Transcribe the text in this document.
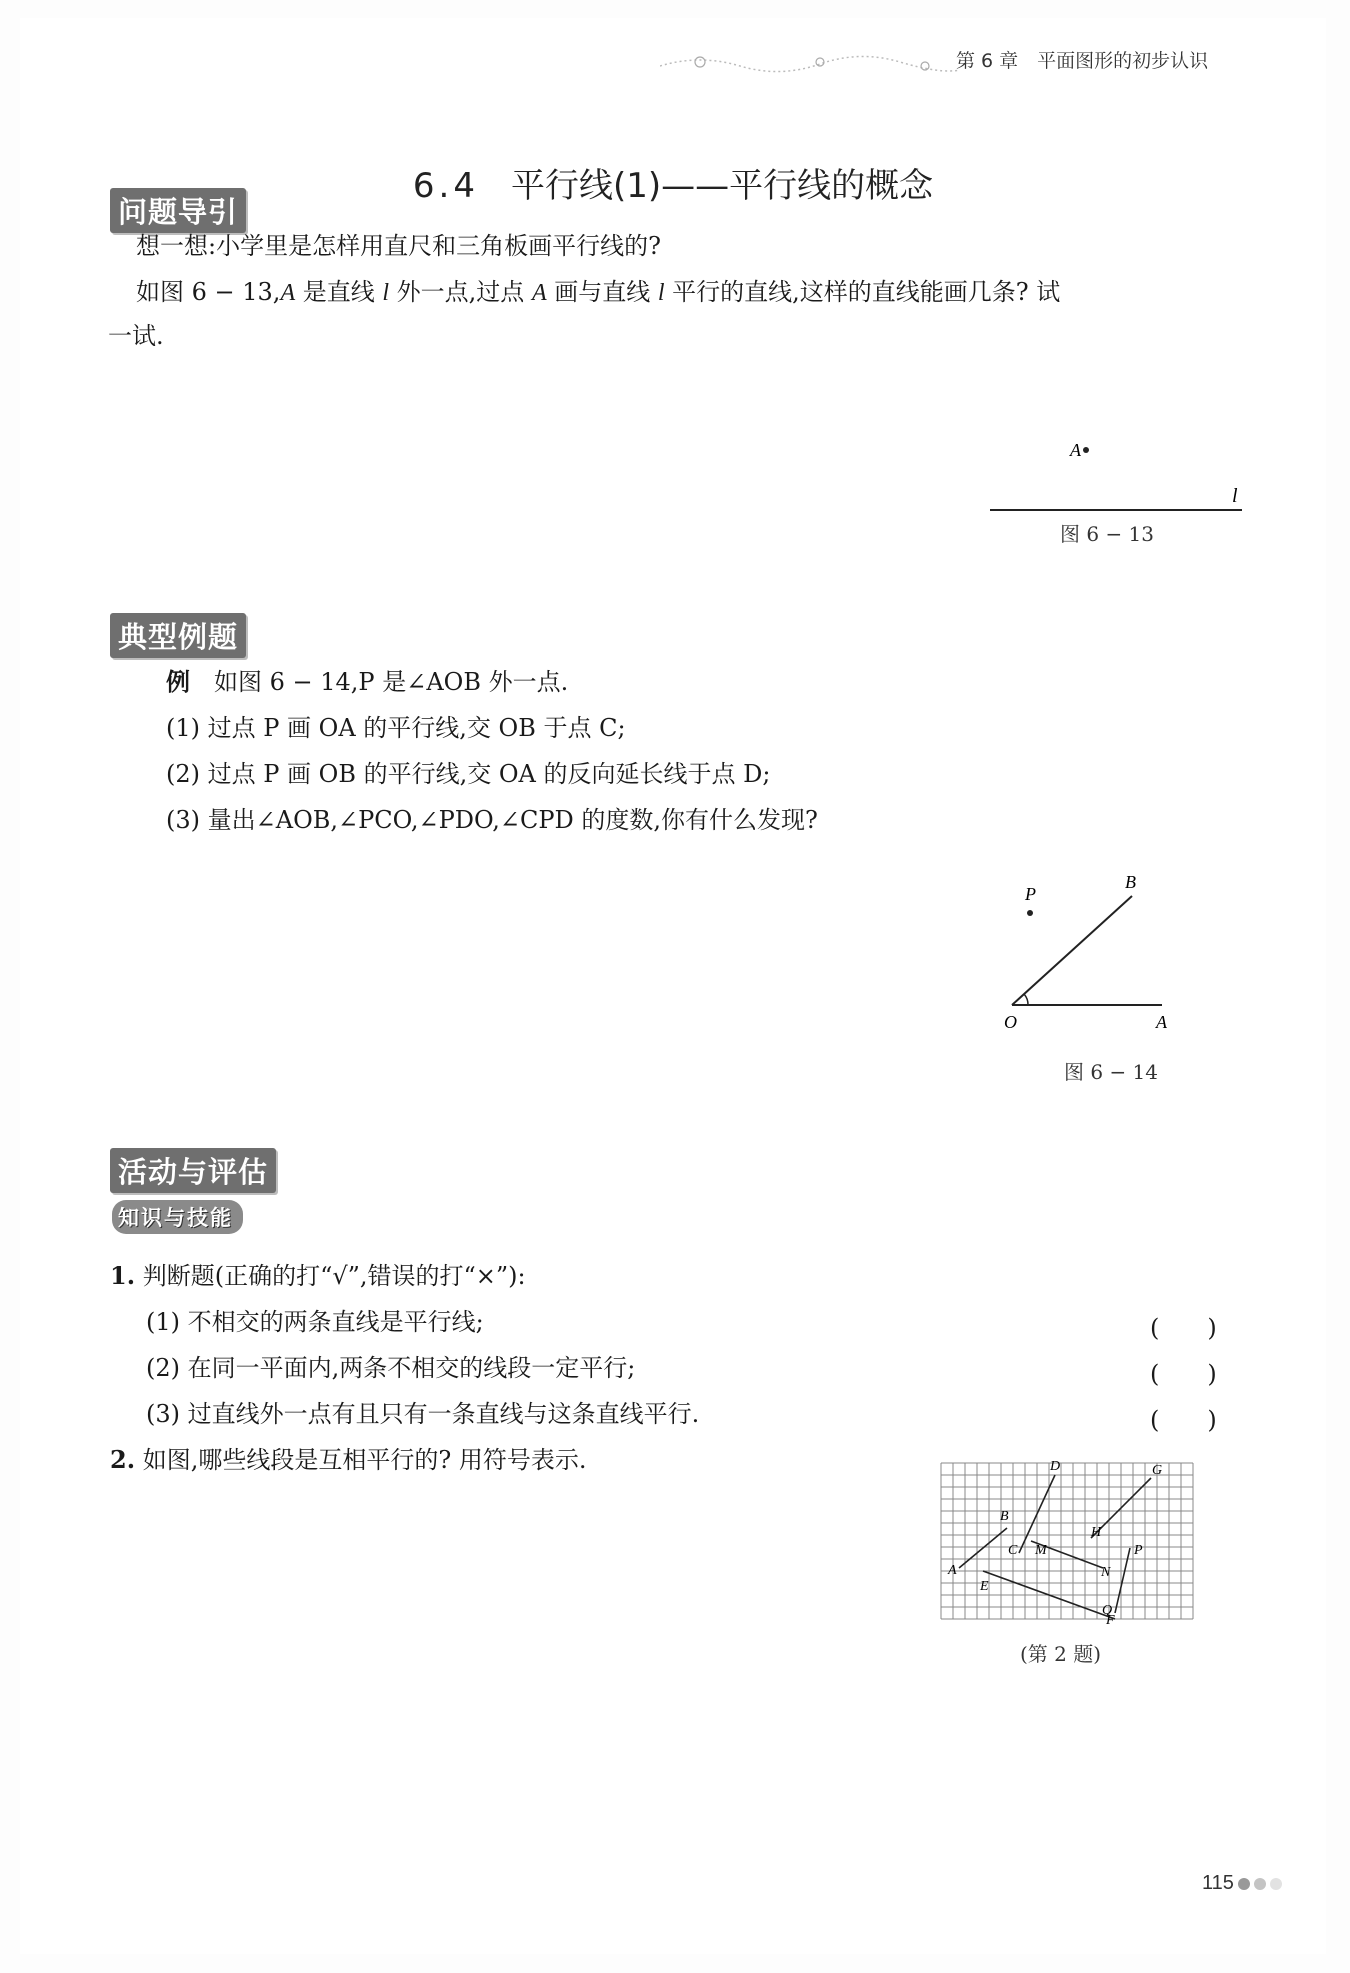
第 6 章　平面图形的初步认识
6.4 平行线(1)——平行线的概念
问题导引
想一想:小学里是怎样用直尺和三角板画平行线的?
如图 6 − 13,A 是直线 l 外一点,过点 A 画与直线 l 平行的直线,这样的直线能画几条? 试
一试.
A
l
图 6 − 13
典型例题
例　 如图 6 − 14,P 是∠AOB 外一点.
(1) 过点 P 画 OA 的平行线,交 OB 于点 C;
(2) 过点 P 画 OB 的平行线,交 OA 的反向延长线于点 D;
(3) 量出∠AOB,∠PCO,∠PDO,∠CPD 的度数,你有什么发现?
P
B
O	A
图 6 − 14
活动与评估
知识与技能
1. 判断题(正确的打“√”,错误的打“×”):
(1) 不相交的两条直线是平行线;	(　　)
(2) 在同一平面内,两条不相交的线段一定平行;	(　　)
(3) 过直线外一点有且只有一条直线与这条直线平行.	(　　)
2. 如图,哪些线段是互相平行的? 用符号表示.
A
B
C
D
E
F
M
N
G
H
P
Q
(第 2 题)
115
